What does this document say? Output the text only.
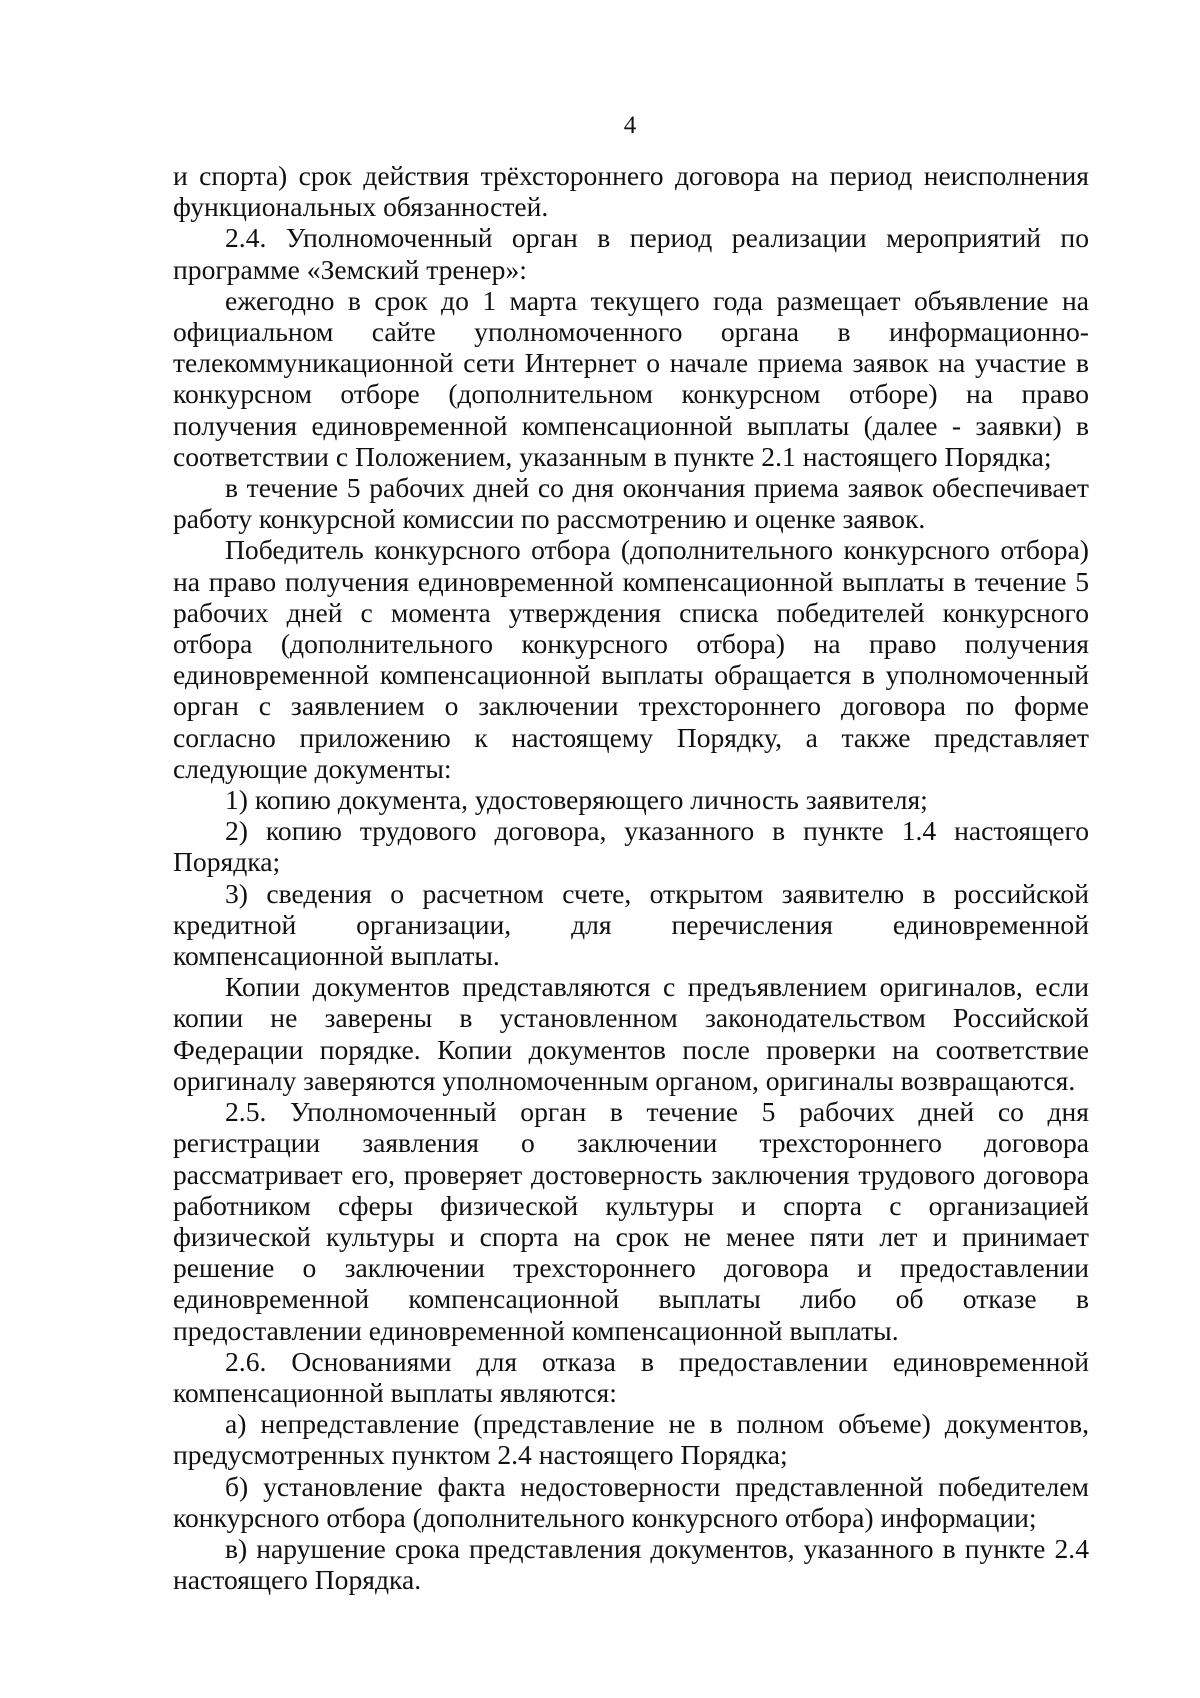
4

и спорта) срок действия трёхстороннего договора на период неисполнения функциональных обязанностей.

2.4. Уполномоченный орган в период реализации мероприятий по программе «Земский тренер»:

ежегодно в срок до 1 марта текущего года размещает объявление на официальном сайте уполномоченного органа в информационно-телекоммуникационной сети Интернет о начале приема заявок на участие в конкурсном отборе (дополнительном конкурсном отборе) на право получения единовременной компенсационной выплаты (далее - заявки) в соответствии с Положением, указанным в пункте 2.1 настоящего Порядка;

в течение 5 рабочих дней со дня окончания приема заявок обеспечивает работу конкурсной комиссии по рассмотрению и оценке заявок.

Победитель конкурсного отбора (дополнительного конкурсного отбора) на право получения единовременной компенсационной выплаты в течение 5 рабочих дней с момента утверждения списка победителей конкурсного отбора (дополнительного конкурсного отбора) на право получения единовременной компенсационной выплаты обращается в уполномоченный орган с заявлением о заключении трехстороннего договора по форме согласно приложению к настоящему Порядку, а также представляет следующие документы:

1) копию документа, удостоверяющего личность заявителя;

2) копию трудового договора, указанного в пункте 1.4 настоящего Порядка;

3) сведения о расчетном счете, открытом заявителю в российской кредитной организации, для перечисления единовременной компенсационной выплаты.

Копии документов представляются с предъявлением оригиналов, если копии не заверены в установленном законодательством Российской Федерации порядке. Копии документов после проверки на соответствие оригиналу заверяются уполномоченным органом, оригиналы возвращаются.

2.5. Уполномоченный орган в течение 5 рабочих дней со дня регистрации заявления о заключении трехстороннего договора рассматривает его, проверяет достоверность заключения трудового договора работником сферы физической культуры и спорта с организацией физической культуры и спорта на срок не менее пяти лет и принимает решение о заключении трехстороннего договора и предоставлении единовременной компенсационной выплаты либо об отказе в предоставлении единовременной компенсационной выплаты.

2.6. Основаниями для отказа в предоставлении единовременной компенсационной выплаты являются:

а) непредставление (представление не в полном объеме) документов, предусмотренных пунктом 2.4 настоящего Порядка;

б) установление факта недостоверности представленной победителем конкурсного отбора (дополнительного конкурсного отбора) информации;

в) нарушение срока представления документов, указанного в пункте 2.4 настоящего Порядка.
